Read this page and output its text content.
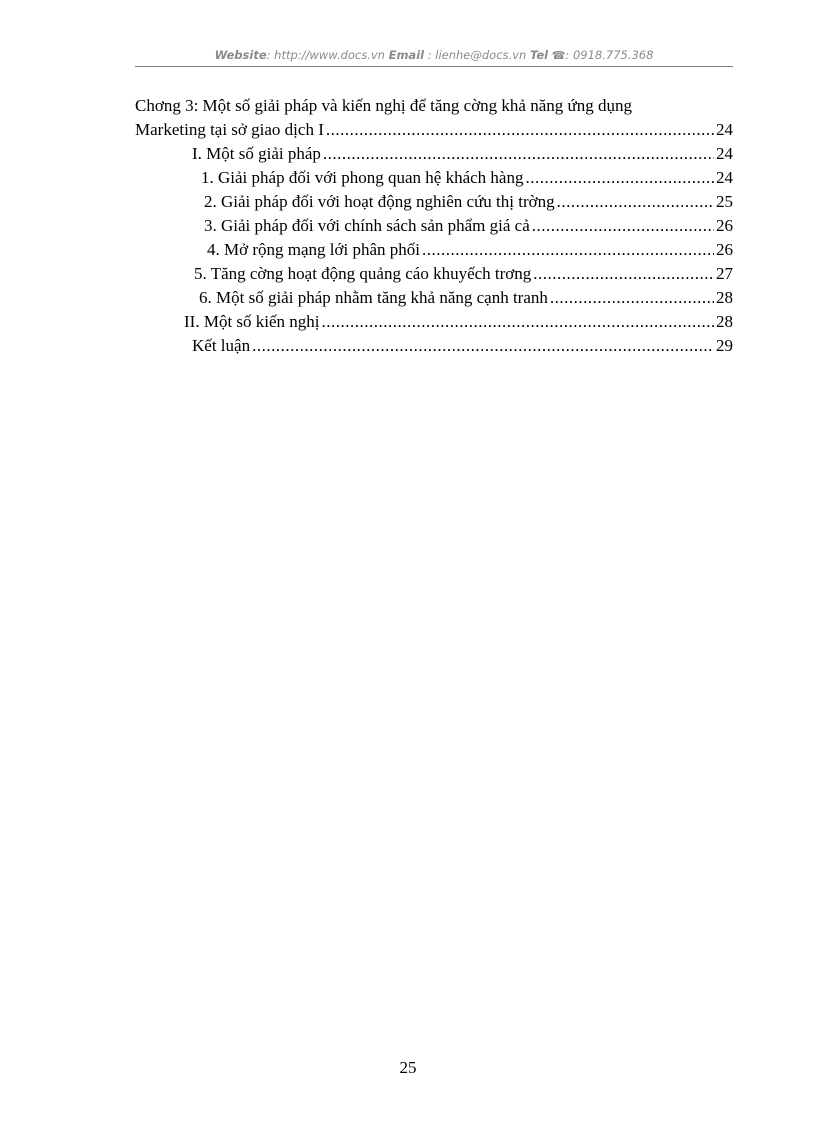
Website: http://www.docs.vn Email : lienhe@docs.vn Tel ☎: 0918.775.368
Chơng 3: Một số giải pháp và kiến nghị để tăng cờng khả năng ứng dụng
Marketing tại sở giao dịch I .....	24
I. Một số giải pháp .....	24
1. Giải pháp đối với phong quan hệ khách hàng .....	24
2. Giải pháp đối với hoạt động nghiên cứu thị trờng .....	25
3. Giải pháp đối với chính sách sản phẩm giá cả .....	26
4. Mở rộng mạng lới phân phối .....	26
5. Tăng cờng hoạt động quảng cáo khuyếch trơng .....	27
6. Một số giải pháp nhằm tăng khả năng cạnh tranh .....	28
II. Một số kiến nghị .....	28
Kết luận .....	29
25
